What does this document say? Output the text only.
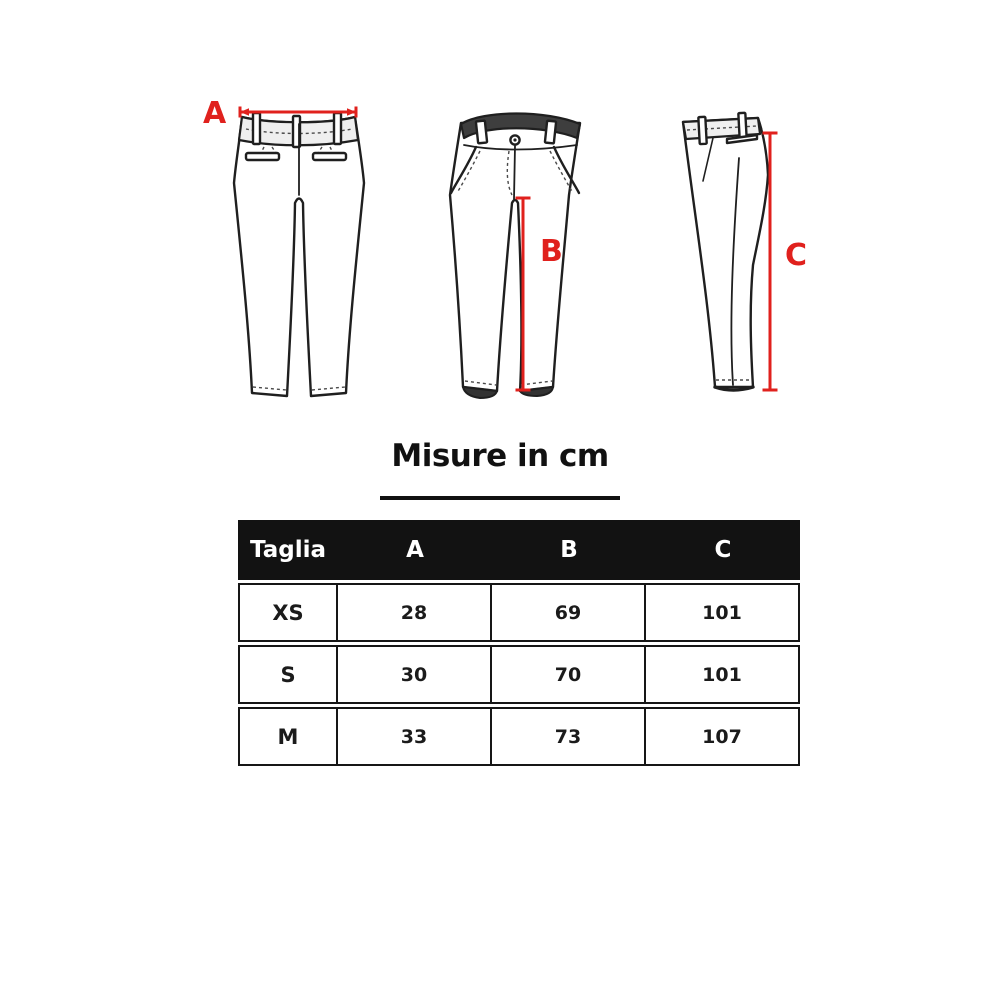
A
B	C
Misure in cm
Taglia	A	B	C
XS	28	69	101
S	30	70	101
M	33	73	107
